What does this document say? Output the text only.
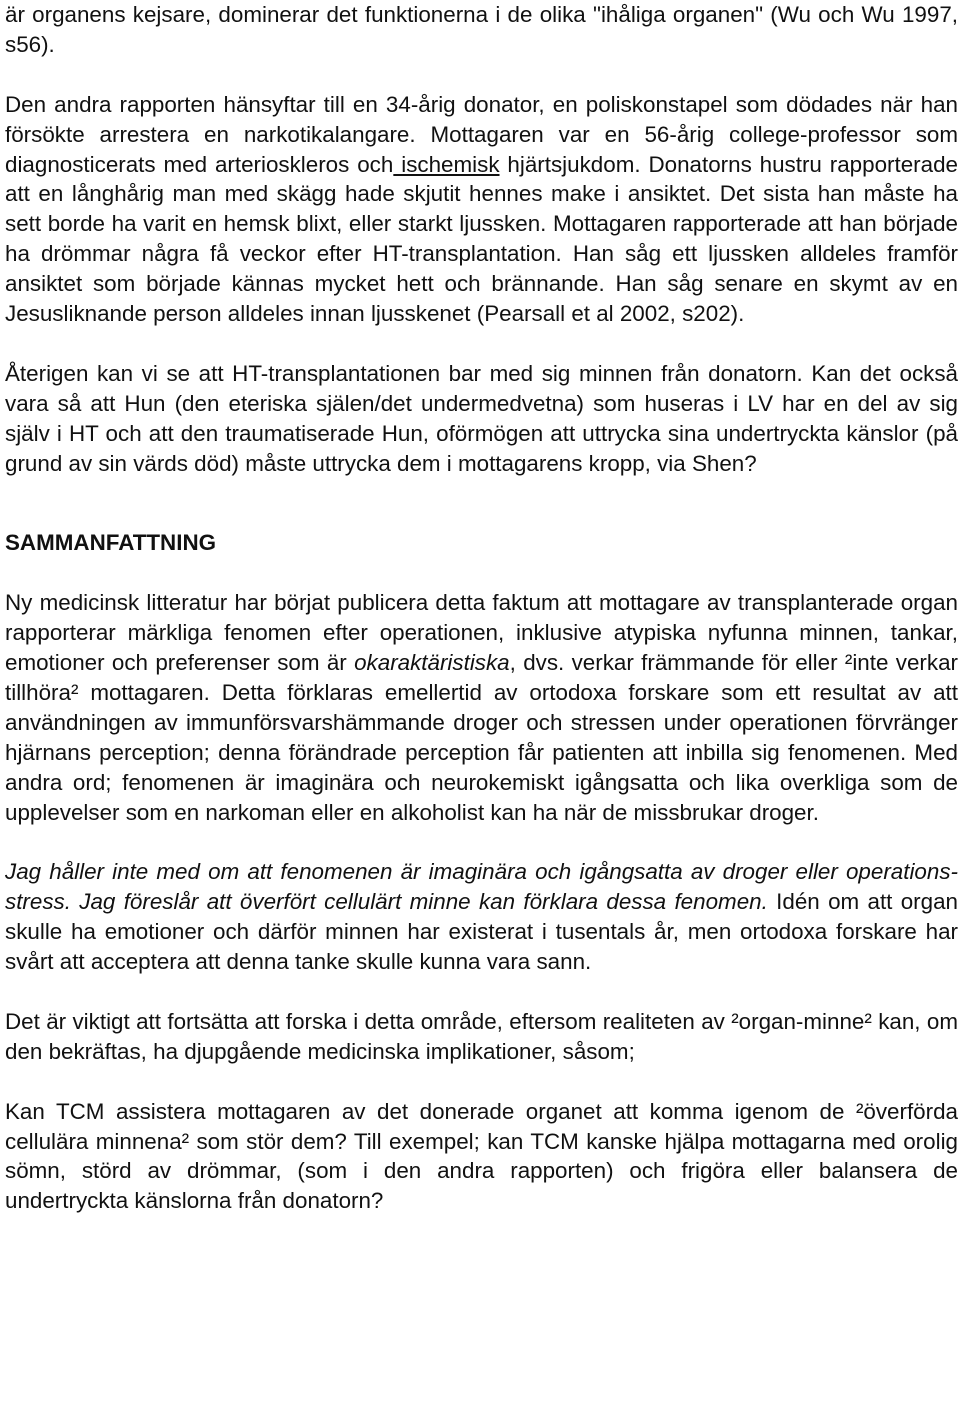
är organens kejsare, dominerar det funktionerna i de olika "ihåliga organen" (Wu och Wu 1997, s56).

Den andra rapporten hänsyftar till en 34-årig donator, en poliskonstapel som dödades när han försökte arrestera en narkotikalangare. Mottagaren var en 56-årig college-professor som diagnosticerats med arterioskleros och ischemisk hjärtsjukdom. Donatorns hustru rapporterade att en långhårig man med skägg hade skjutit hennes make i ansiktet. Det sista han måste ha sett borde ha varit en hemsk blixt, eller starkt ljussken. Mottagaren rapporterade att han började ha drömmar några få veckor efter HT-transplantation. Han såg ett ljussken alldeles framför ansiktet som började kännas mycket hett och brännande. Han såg senare en skymt av en Jesusliknande person alldeles innan ljusskenet (Pearsall et al 2002, s202).

Återigen kan vi se att HT-transplantationen bar med sig minnen från donatorn. Kan det också vara så att Hun (den eteriska själen/det undermedvetna) som huseras i LV har en del av sig själv i HT och att den traumatiserade Hun, oförmögen att uttrycka sina undertryckta känslor (på grund av sin värds död) måste uttrycka dem i mottagarens kropp, via Shen?

SAMMANFATTNING

Ny medicinsk litteratur har börjat publicera detta faktum att mottagare av transplanterade organ rapporterar märkliga fenomen efter operationen, inklusive atypiska nyfunna minnen, tankar, emotioner och preferenser som är okaraktäristiska, dvs. verkar främmande för eller ²inte verkar tillhöra² mottagaren. Detta förklaras emellertid av ortodoxa forskare som ett resultat av att användningen av immunförsvarshämmande droger och stressen under operationen förvränger hjärnans perception; denna förändrade perception får patienten att inbilla sig fenomenen. Med andra ord; fenomenen är imaginära och neurokemiskt igångsatta och lika overkliga som de upplevelser som en narkoman eller en alkoholist kan ha när de missbrukar droger.

Jag håller inte med om att fenomenen är imaginära och igångsatta av droger eller operations-stress. Jag föreslår att överfört cellulärt minne kan förklara dessa fenomen. Idén om att organ skulle ha emotioner och därför minnen har existerat i tusentals år, men ortodoxa forskare har svårt att acceptera att denna tanke skulle kunna vara sann.

Det är viktigt att fortsätta att forska i detta område, eftersom realiteten av ²organ-minne² kan, om den bekräftas, ha djupgående medicinska implikationer, såsom;

Kan TCM assistera mottagaren av det donerade organet att komma igenom de ²överförda cellulära minnena² som stör dem? Till exempel; kan TCM kanske hjälpa mottagarna med orolig sömn, störd av drömmar, (som i den andra rapporten) och frigöra eller balansera de undertryckta känslorna från donatorn?
